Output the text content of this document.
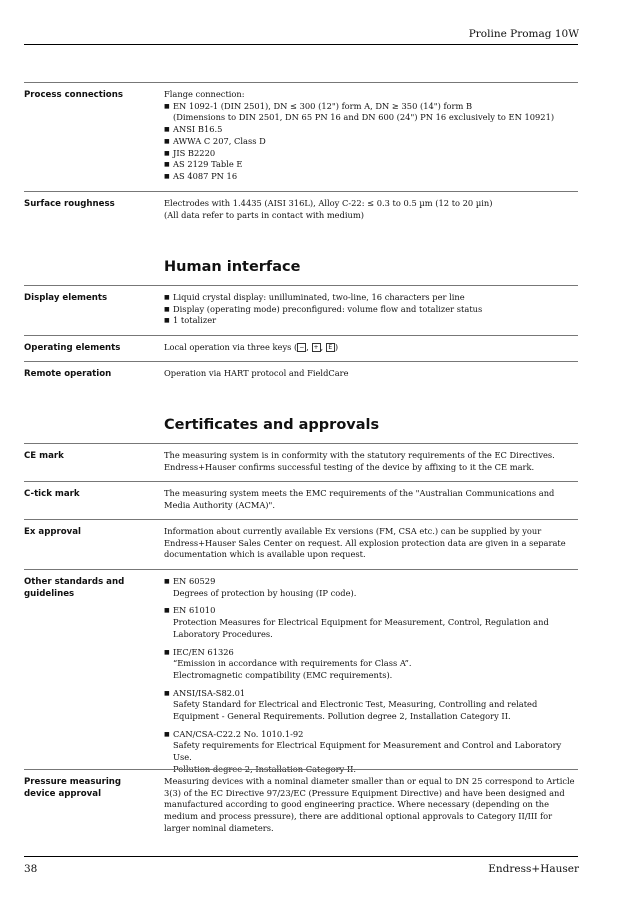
Proline Promag 10W
Process connections	Flange connection:
■ EN 1092-1 (DIN 2501), DN ≤ 300 (12") form A, DN ≥ 350 (14") form B
(Dimensions to DIN 2501, DN 65 PN 16 and DN 600 (24") PN 16 exclusively to EN 10921)
■ ANSI B16.5
■ AWWA C 207, Class D
■ JIS B2220
■ AS 2129 Table E
■ AS 4087 PN 16
Surface roughness	Electrodes with 1.4435 (AISI 316L), Alloy C-22: ≤ 0.3 to 0.5 µm (12 to 20 µin)
(All data refer to parts in contact with medium)
Human interface
Display elements
■	Liquid crystal display: unilluminated, two-line, 16 characters per line
■ Display (operating mode) preconfigured: volume flow and totalizer status
■ 1 totalizer
Operating elements	Local operation via three keys ( − , + , E )
Remote operation	Operation via HART protocol and FieldCare
Certificates and approvals
CE mark	The measuring system is in conformity with the statutory requirements of the EC Directives. Endress+Hauser confirms successful testing of the device by affixing to it the CE mark.
C-tick mark	The measuring system meets the EMC requirements of the "Australian Communications and Media Authority (ACMA)".
Ex approval	Information about currently available Ex versions (FM, CSA etc.) can be supplied by your Endress+Hauser Sales Center on request. All explosion protection data are given in a separate documentation which is available upon request.
Other standards and guidelines
■ EN 60529
Degrees of protection by housing (IP code).
■ EN 61010
Protection Measures for Electrical Equipment for Measurement, Control, Regulation and Laboratory Procedures.
■ IEC/EN 61326
“Emission in accordance with requirements for Class A”.
Electromagnetic compatibility (EMC requirements).
■ ANSI/ISA-S82.01
Safety Standard for Electrical and Electronic Test, Measuring, Controlling and related Equipment - General Requirements. Pollution degree 2, Installation Category II.
■ CAN/CSA-C22.2 No. 1010.1-92
Safety requirements for Electrical Equipment for Measurement and Control and Laboratory Use.
Pollution degree 2, Installation Category II.
Pressure measuring device approval
Measuring devices with a nominal diameter smaller than or equal to DN 25 correspond to Article 3(3) of the EC Directive 97/23/EC (Pressure Equipment Directive) and have been designed and manufactured according to good engineering practice. Where necessary (depending on the medium and process pressure), there are additional optional approvals to Category II/III for larger nominal diameters.
38	Endress+Hauser
